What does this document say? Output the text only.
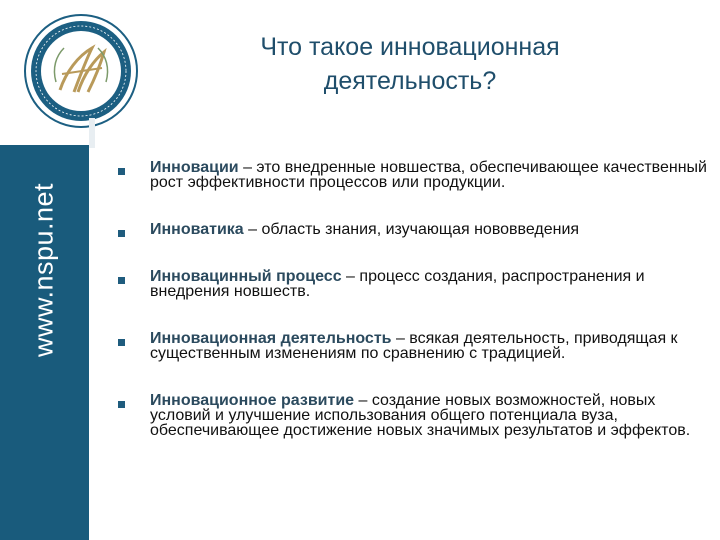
www.nspu.net
Что такое инновационная деятельность?
Инновации – это внедренные новшества, обеспечивающее качественный рост эффективности процессов или продукции.
Инноватика – область знания, изучающая нововведения
Инновацинный процесс – процесс создания, распространения и внедрения новшеств.
Инновационная деятельность – всякая деятельность, приводящая к существенным изменениям по сравнению с традицией.
Инновационное развитие – создание новых возможностей, новых условий и улучшение использования общего потенциала вуза, обеспечивающее достижение новых значимых результатов и эффектов.
